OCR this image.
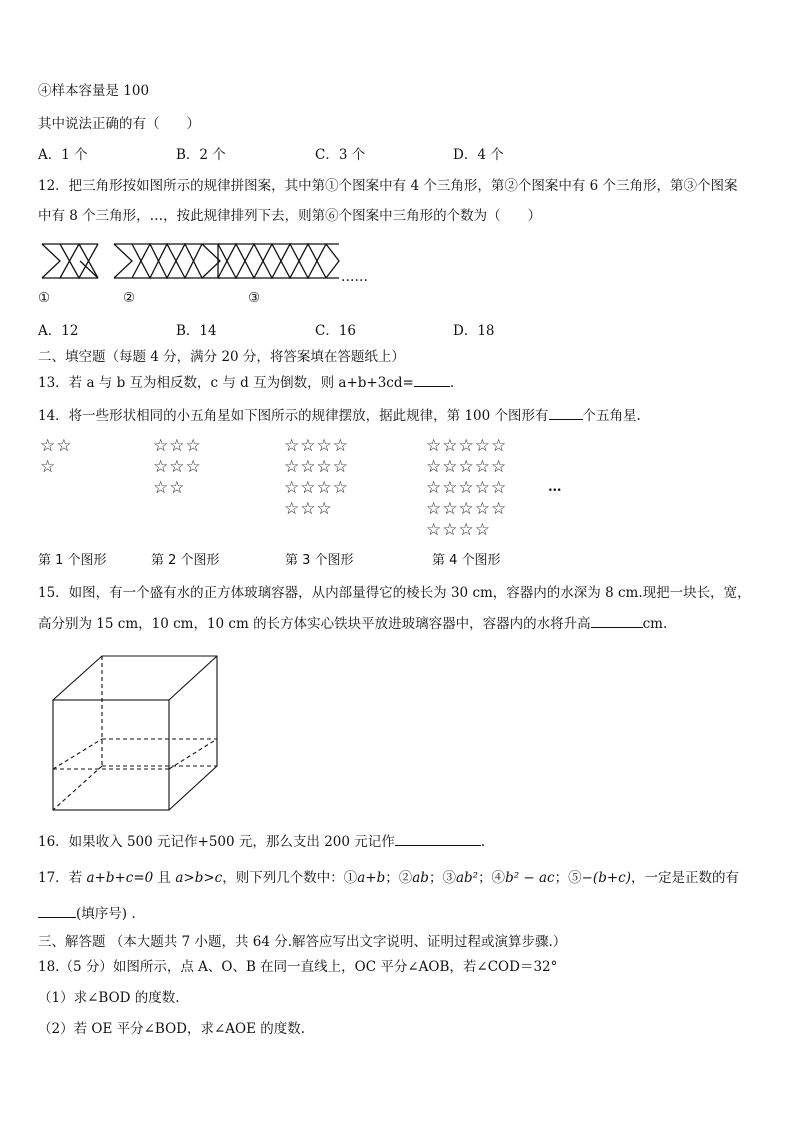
④样本容量是 100
其中说法正确的有（　　）
A．1 个	B．2 个	C．3 个	D．4 个
12．把三角形按如图所示的规律拼图案，其中第①个图案中有 4 个三角形，第②个图案中有 6 个三角形，第③个图案
中有 8 个三角形，…，按此规律排列下去，则第⑥个图案中三角形的个数为（　　）
……
①	②	③
A．12	B．14	C．16	D．18
二、填空题（每题 4 分，满分 20 分，将答案填在答题纸上）
13．若 a 与 b 互为相反数，c 与 d 互为倒数，则 a+b+3cd=	.
14．将一些形状相同的小五角星如下图所示的规律摆放，据此规律，第 100 个图形有	个五角星.
☆☆
☆
☆☆☆
☆☆☆
☆☆
☆☆☆☆
☆☆☆☆
☆☆☆☆
☆☆☆
☆☆☆☆☆
☆☆☆☆☆
☆☆☆☆☆
☆☆☆☆☆
☆☆☆☆
…
第 1 个图形	第 2 个图形	第 3 个图形	第 4 个图形
15．如图，有一个盛有水的正方体玻璃容器，从内部量得它的棱长为 30 cm，容器内的水深为 8 cm.现把一块长，宽，
高分别为 15 cm，10 cm，10 cm 的长方体实心铁块平放进玻璃容器中，容器内的水将升高	cm.
16．如果收入 500 元记作+500 元，那么支出 200 元记作	.
17．若 a+b+c=0 且 a>b>c，则下列几个数中：①a+b；②ab；③ab²；④b² − ac；⑤−(b+c)，一定是正数的有
(填序号) .
三、解答题 （本大题共 7 小题，共 64 分.解答应写出文字说明、证明过程或演算步骤.）
18.（5 分）如图所示，点 A、O、B 在同一直线上，OC 平分∠AOB，若∠COD＝32°
（1）求∠BOD 的度数.
（2）若 OE 平分∠BOD，求∠AOE 的度数.
